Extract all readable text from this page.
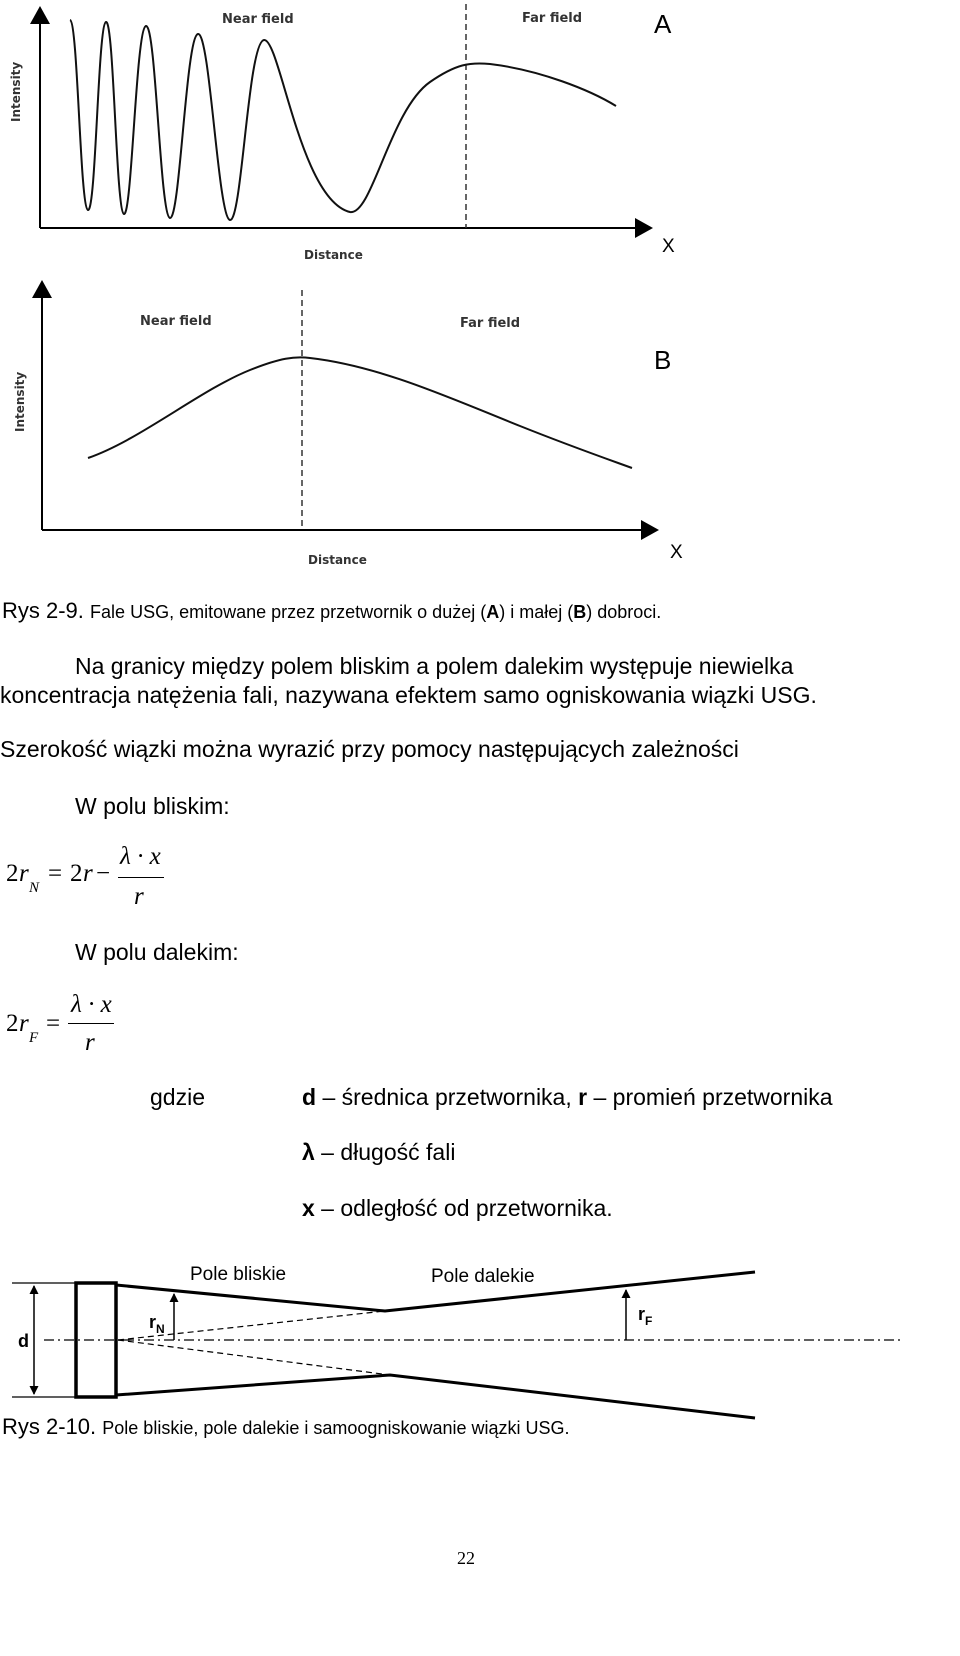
Near field	Far field
Intensity
Distance
A
X
Near field	Far field
Intensity
Distance
B
X
Rys 2-9. Fale USG, emitowane przez przetwornik o dużej (A) i małej (B) dobroci.
Na granicy między polem bliskim a polem dalekim występuje niewielka
koncentracja natężenia fali, nazywana efektem samo ogniskowania wiązki USG.
Szerokość wiązki można wyrazić przy pomocy następujących zależności
W polu bliskim:
2 r
$_N$
= 2 r −
λ · x
r
W polu dalekim:
2 r
$_F$
=
λ · x
r
gdzie	d – średnica przetwornika, r – promień przetwornika
λ – długość fali
x – odległość od przetwornika.
Pole bliskie	Pole dalekie
d
$r_N$
$r_F$
Rys 2-10. Pole bliskie, pole dalekie i samoogniskowanie wiązki USG.
22
